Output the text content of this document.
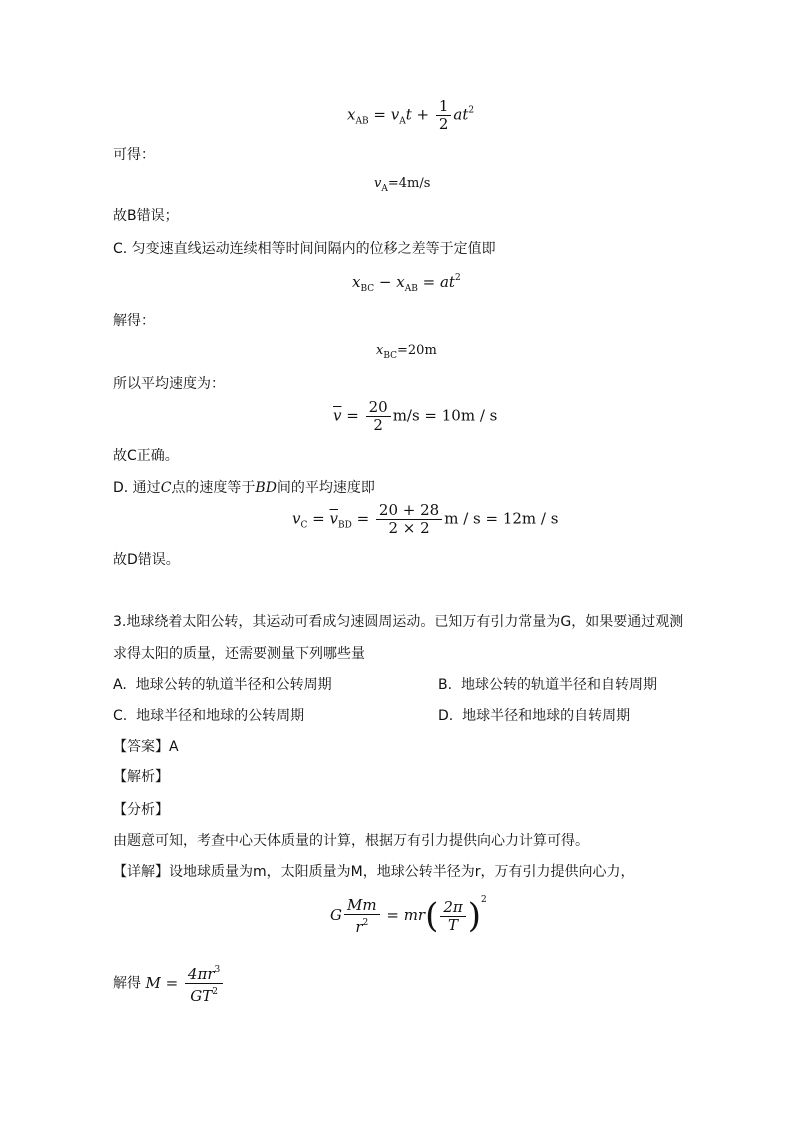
$x_{AB} = v_At + \frac{1}{2} at^2$
可得：
$v_A=4m/s$
故B错误；
C. 匀变速直线运动连续相等时间间隔内的位移之差等于定值即
$x_{BC} - x_{AB} = at^2$
解得：
$x_{BC}=20m$
所以平均速度为：
$\overline{v} = \frac{20}{2} m/s = 10m / s$
故C正确。
D. 通过C点的速度等于BD间的平均速度即
$v_C = \overline{v}_{BD} = \frac{20 + 28}{2 \times 2}$ m / s = 12m / s
故D错误。
3.地球绕着太阳公转，其运动可看成匀速圆周运动。已知万有引力常量为G，如果要通过观测
求得太阳的质量，还需要测量下列哪些量
A. 地球公转的轨道半径和公转周期	B. 地球公转的轨道半径和自转周期
C. 地球半径和地球的公转周期	D. 地球半径和地球的自转周期
【答案】A
【解析】
【分析】
由题意可知，考查中心天体质量的计算，根据万有引力提供向心力计算可得。
【详解】设地球质量为m，太阳质量为M，地球公转半径为r，万有引力提供向心力，
G $\frac{Mm}{r^2} = mr( \frac{2\pi}{T} )^2$
解得 $M = \frac{4\pi r^3}{GT^2}$
